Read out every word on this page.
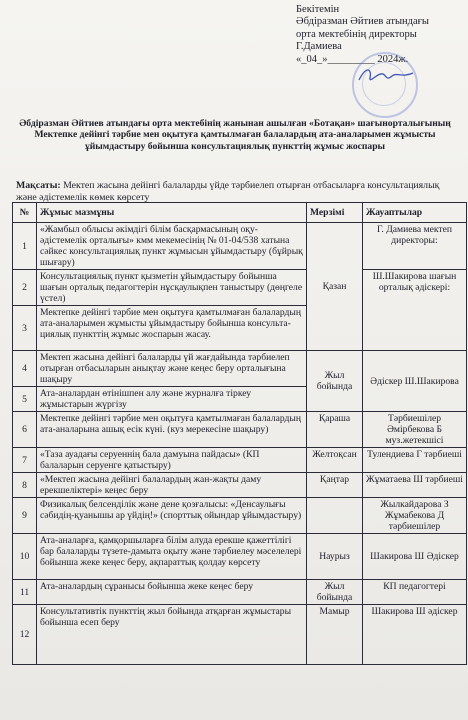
Бекітемін
Әбдіразман Әйтиев атындағы
орта мектебінің директоры
Г.Дамиева
«_04_»_________ 2024ж.
Әбдіразман Әйтиев атындағы орта мектебінің жанынан ашылған «Ботақан» шағынорталығының Мектепке дейінгі тәрбие мен оқытуға қамтылмаған балалардың ата-аналарымен жұмысты ұйымдастыру бойынша консультациялық пункттің жұмыс жоспары
Мақсаты: Мектеп жасына дейінгі балаларды үйде тәрбиелеп отырған отбасыларға консультациялық және әдістемелік көмек көрсету
№	Жұмыс мазмұны	Мерзімі	Жауаптылар
1	«Жамбыл облысы әкімдігі білім басқармасының оқу-әдістемелік орталығы» кмм мекемесінің № 01-04/538 хатына сәйкес консультациялық пункт жұмысын ұйымдастыру (бұйрық шығару)	Қазан	Г. Дамиева мектеп директоры:
2	Консультациялық пункт қызметін ұйымдастыру бойынша шағын орталық педагогтерін нұсқаулықпен таныстыру (дөңгеле үстел)		Ш.Шакирова шағын орталық әдіскері:
3	Мектепке дейінгі тәрбие мен оқытуға қамтылмаған балалардың ата-аналарымен жұмысты ұйымдастыру бойынша консульта-циялық пункттің жұмыс жоспарын жасау.		
4	Мектеп жасына дейінгі балаларды үй жағдайында тәрбиелеп отырған отбасыларын анықтау және кеңес беру орталығына шақыру	Жыл бойында	Әдіскер Ш.Шакирова
5	Ата-аналардан өтінішпен алу және журналға тіркеу жұмыстарын жүргізу		
6	Мектепке дейінгі тәрбие мен оқытуға қамтылмаған балалардың ата-аналарына ашық есік күні. (куз мерекесіне шақыру)	Қараша	Тәрбиешілер Әмірбекова Б муз.жетекшісі
7	«Таза ауадағы серуеннің бала дамуына пайдасы» (КП балаларын серуенге қатыстыру)	Желтоқсан	Тулендиева Г тәрбиеші
8	«Мектеп жасына дейінгі балалардың жан-жақты даму ерекшеліктері» кеңес беру	Қаңтар	Жұматаева Ш тәрбиеші
9	Физикалық белсенділік және дене қозғалысы: «Денсаулығы сәбидің-қуанышы ар үйдің!» (спорттық ойындар ұйымдастыру)		Жылкайдарова З Жұмабекова Д тәрбиешілер
10	Ата-аналарға, қамқоршыларға білім алуда ерекше қажеттілігі бар балаларды түзете-дамыта оқыту және тәрбиелеу мәселелері бойынша жеке кеңес беру, ақпараттық қолдау көрсету	Наурыз	Шакирова Ш Әдіскер
11	Ата-аналардың сұранысы бойынша жеке кеңес беру	Жыл бойында	КП педагогтері
12	Консультативтік пункттің жыл бойында атқарған жұмыстары бойынша есеп беру	Мамыр	Шакирова Ш әдіскер
